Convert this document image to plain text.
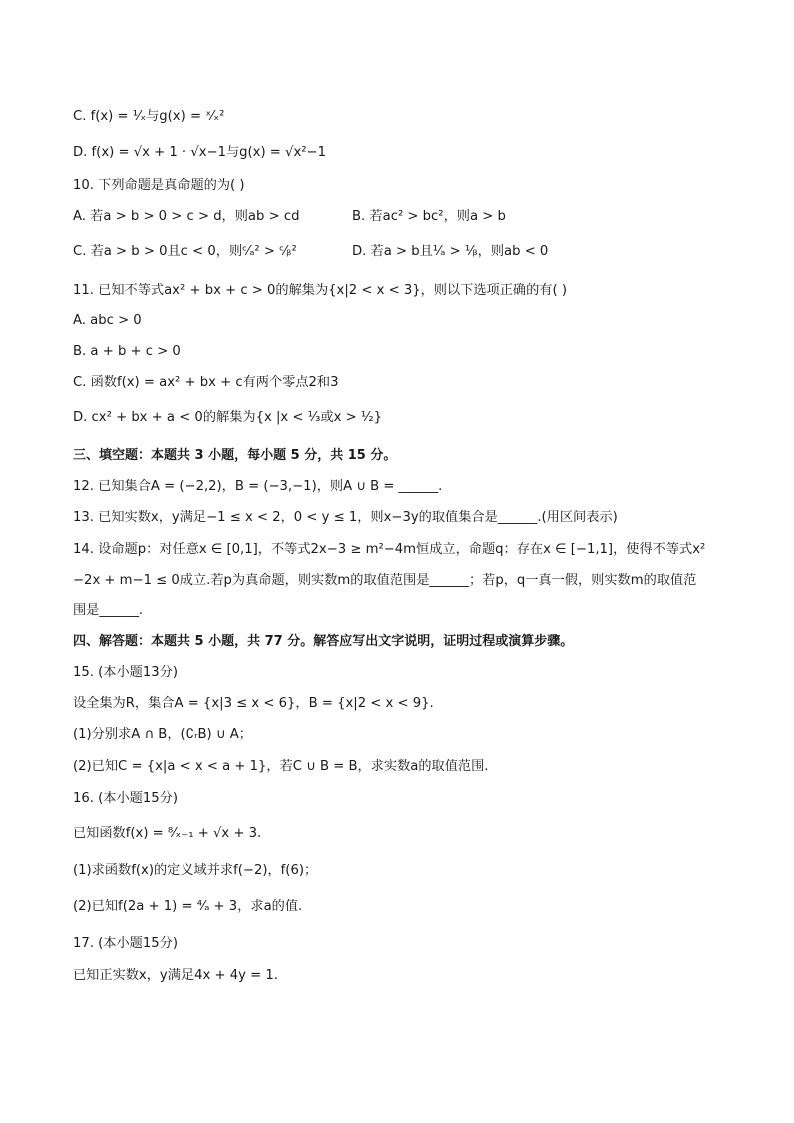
C. f(x) = ¹⁄ₓ与g(x) = ˣ⁄ₓ²
D. f(x) = √x + 1 · √x−1与g(x) = √x²−1
10. 下列命题是真命题的为( )
A. 若a > b > 0 > c > d，则ab > cd	B. 若ac² > bc²，则a > b
C. 若a > b > 0且c < 0，则ᶜ⁄ₐ² > ᶜ⁄ᵦ²	D. 若a > b且¹⁄ₐ > ¹⁄ᵦ，则ab < 0
11. 已知不等式ax² + bx + c > 0的解集为{x|2 < x < 3}，则以下选项正确的有( )
A. abc > 0
B. a + b + c > 0
C. 函数f(x) = ax² + bx + c有两个零点2和3
D. cx² + bx + a < 0的解集为{x |x < ¹⁄₃或x > ¹⁄₂}
三、填空题：本题共 3 小题，每小题 5 分，共 15 分。
12. 已知集合A = (−2,2)，B = (−3,−1)，则A ∪ B = ______.
13. 已知实数x，y满足−1 ≤ x < 2，0 < y ≤ 1，则x−3y的取值集合是______.(用区间表示)
14. 设命题p：对任意x ∈ [0,1]，不等式2x−3 ≥ m²−4m恒成立，命题q：存在x ∈ [−1,1]，使得不等式x²
−2x + m−1 ≤ 0成立.若p为真命题，则实数m的取值范围是______；若p，q一真一假，则实数m的取值范
围是______.
四、解答题：本题共 5 小题，共 77 分。解答应写出文字说明，证明过程或演算步骤。
15. (本小题13分)
设全集为R，集合A = {x|3 ≤ x < 6}，B = {x|2 < x < 9}.
(1)分别求A ∩ B，(∁ᵣB) ∪ A；
(2)已知C = {x|a < x < a + 1}，若C ∪ B = B，求实数a的取值范围.
16. (本小题15分)
已知函数f(x) = ⁸⁄ₓ₋₁ + √x + 3.
(1)求函数f(x)的定义域并求f(−2)，f(6)；
(2)已知f(2a + 1) = ⁴⁄ₐ + 3，求a的值.
17. (本小题15分)
已知正实数x，y满足4x + 4y = 1.
